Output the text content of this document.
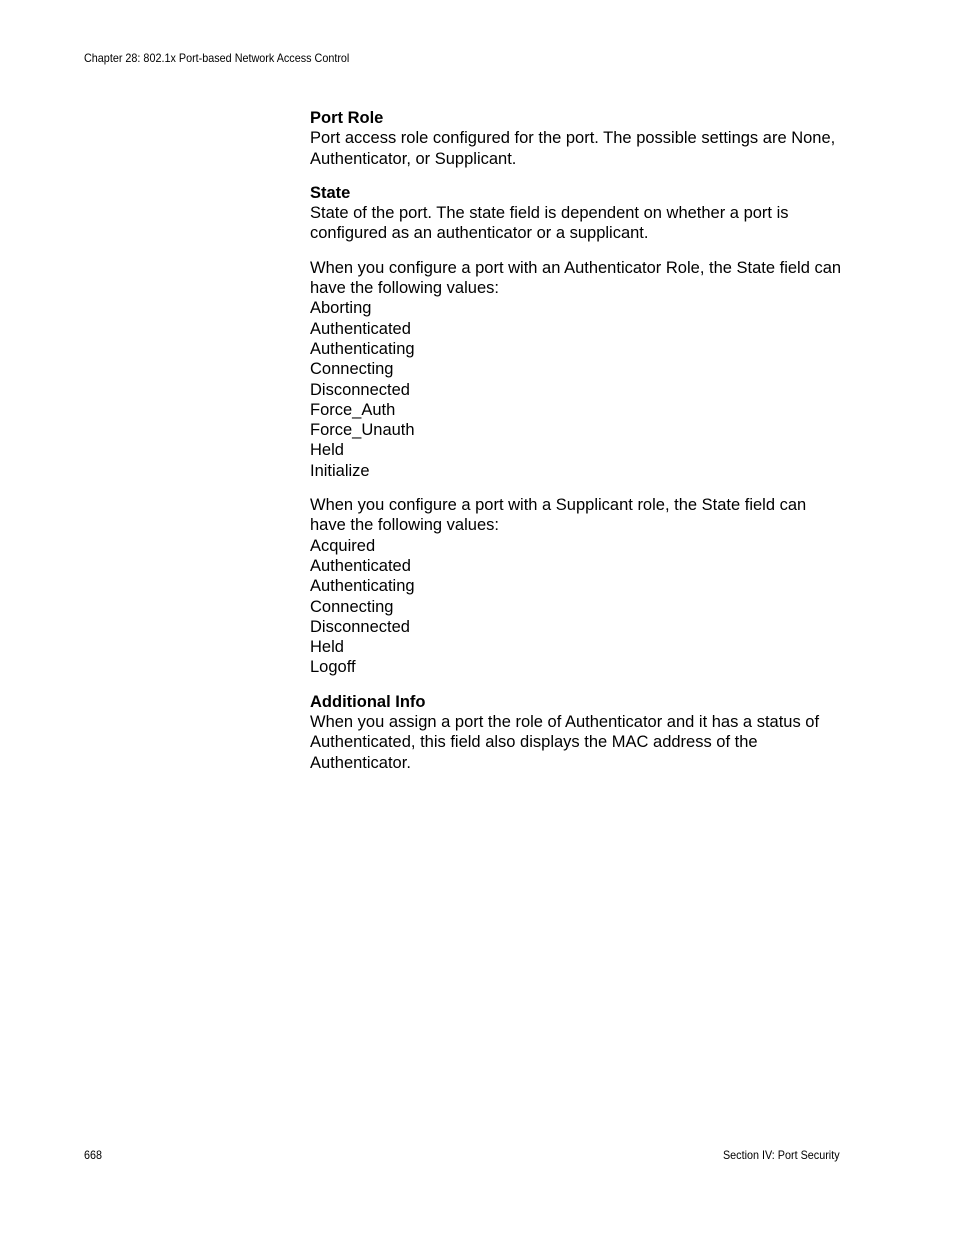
Chapter 28: 802.1x Port-based Network Access Control
Port Role

Port access role configured for the port. The possible settings are None, Authenticator, or Supplicant.

State

State of the port. The state field is dependent on whether a port is configured as an authenticator or a supplicant.

When you configure a port with an Authenticator Role, the State field can have the following values:

Aborting
Authenticated
Authenticating
Connecting
Disconnected
Force_Auth
Force_Unauth
Held
Initialize

When you configure a port with a Supplicant role, the State field can have the following values:

Acquired
Authenticated
Authenticating
Connecting
Disconnected
Held
Logoff
Additional Info

When you assign a port the role of Authenticator and it has a status of Authenticated, this field also displays the MAC address of the Authenticator.

668	Section IV: Port Security
